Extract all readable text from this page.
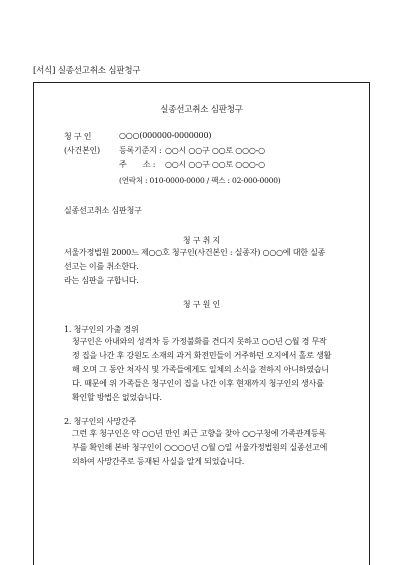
[서식] 실종선고취소 심판청구
실종선고취소 심판청구
청 구 인	○○○(000000-0000000)
(사건본인) 등록기준지 : ○○시 ○○구 ○○로 ○○○-○
주       소 : ○○시 ○○구 ○○로 ○○○-○
(연락처 : 010-0000-0000 / 팩스 : 02-000-0000)
실종선고취소 심판청구
청 구 취 지
서울가정법원 2000느 제○○호 청구인(사건본인 : 실종자) ○○○에 대한 실종
선고는 이를 취소한다.
라는 심판을 구합니다.
청 구 원 인
1. 청구인의 가출 경위
청구인은 아내와의 성격차 등 가정불화를 견디지 못하고 ○○년 ○월 경 무작
정 집을 나간 후 강원도 소재의 과거 화전민들이 거주하던 오지에서 홀로 생활
해 오며 그 동안 처자식 및 가족들에게도 일체의 소식을 전하지 아니하였습니
다. 때문에 위 가족들은 청구인이 집을 나간 이후 현재까지 청구인의 생사를
확인할 방법은 없었습니다.
2. 청구인의 사망간주
그런 후 청구인은 약 ○○년 만인 최근 고향을 찾아 ○○구청에 가족관계등록
부를 확인해 본바 청구인이 ○○○○년 ○월 ○일 서울가정법원의 실종선고에
의하여 사망간주로 등재된 사실을 알게 되었습니다.
